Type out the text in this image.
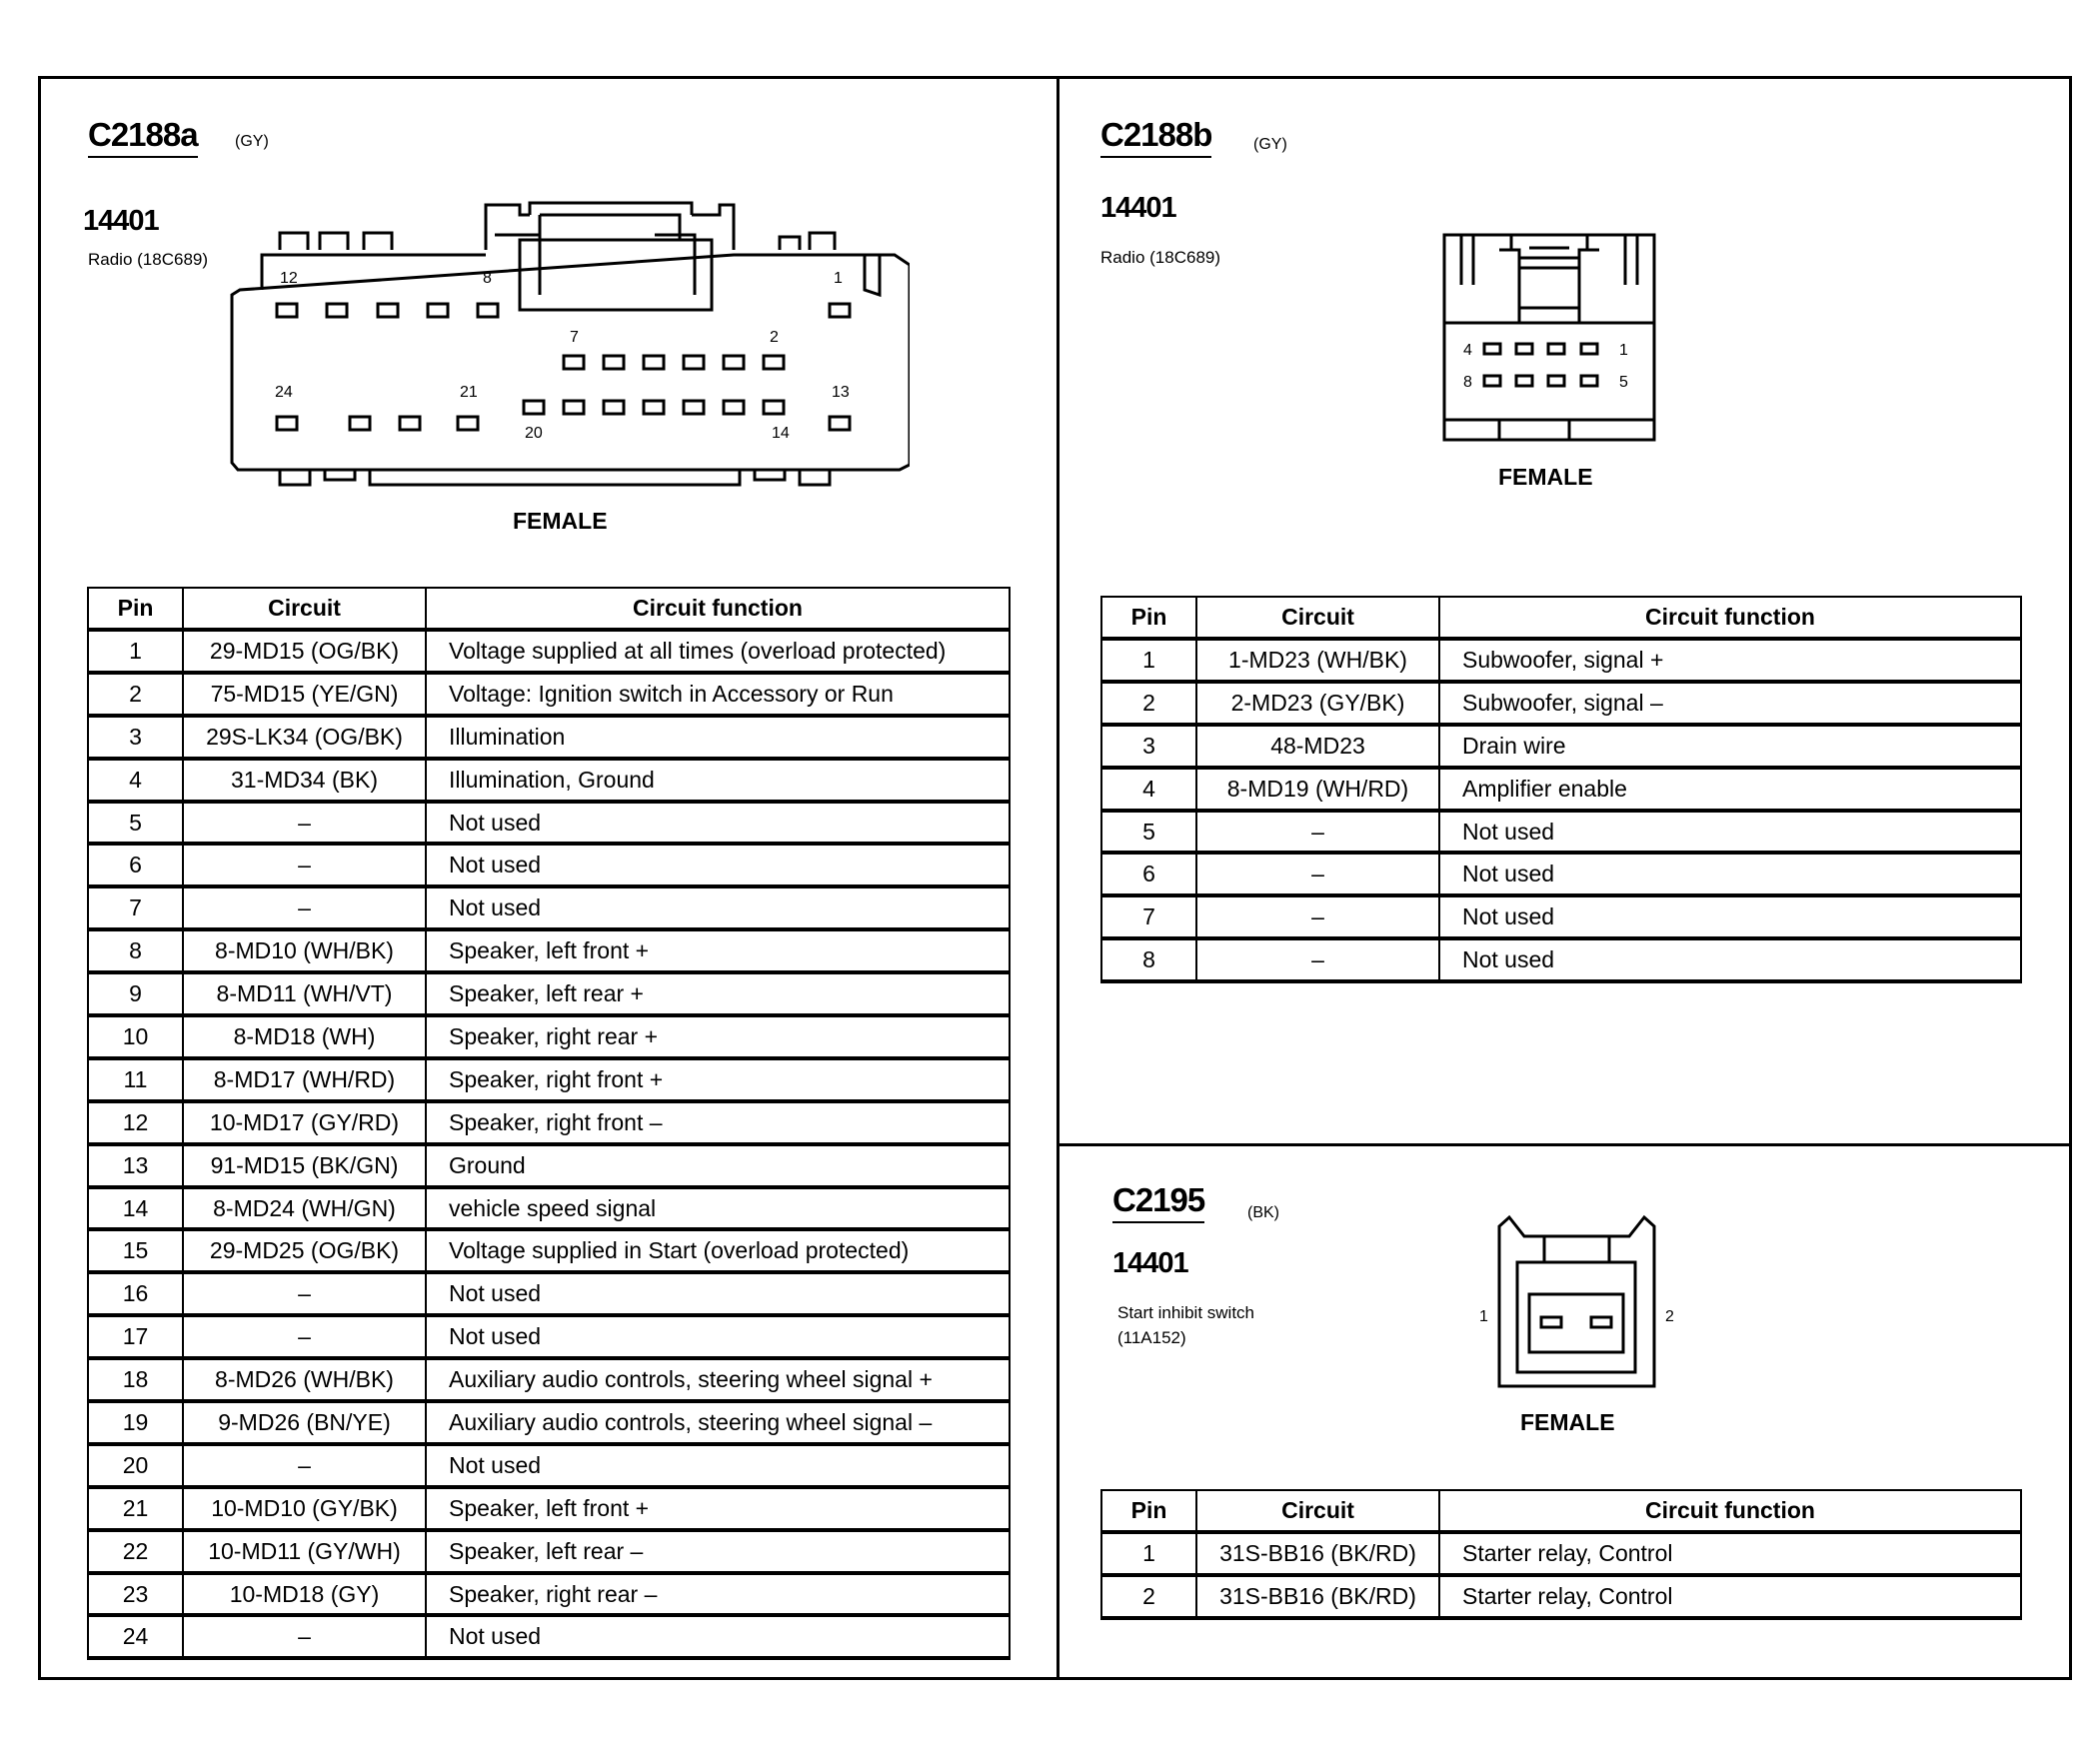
C2188a (GY)
14401
Radio (18C689)
12	8	1
7	2
24	21	13
20	14
FEMALE
Pin	Circuit	Circuit function
1	29-MD15 (OG/BK)	Voltage supplied at all times (overload protected)
2	75-MD15 (YE/GN)	Voltage: Ignition switch in Accessory or Run
3	29S-LK34 (OG/BK)	Illumination
4	31-MD34 (BK)	Illumination, Ground
5	–	Not used
6	–	Not used
7	–	Not used
8	8-MD10 (WH/BK)	Speaker, left front +
9	8-MD11 (WH/VT)	Speaker, left rear +
10	8-MD18 (WH)	Speaker, right rear +
11	8-MD17 (WH/RD)	Speaker, right front +
12	10-MD17 (GY/RD)	Speaker, right front –
13	91-MD15 (BK/GN)	Ground
14	8-MD24 (WH/GN)	vehicle speed signal
15	29-MD25 (OG/BK)	Voltage supplied in Start (overload protected)
16	–	Not used
17	–	Not used
18	8-MD26 (WH/BK)	Auxiliary audio controls, steering wheel signal +
19	9-MD26 (BN/YE)	Auxiliary audio controls, steering wheel signal –
20	–	Not used
21	10-MD10 (GY/BK)	Speaker, left front +
22	10-MD11 (GY/WH)	Speaker, left rear –
23	10-MD18 (GY)	Speaker, right rear –
24	–	Not used
C2188b	(GY)
14401
Radio (18C689)
4	1
8	5
FEMALE
Pin	Circuit	Circuit function
1	1-MD23 (WH/BK)	Subwoofer, signal +
2	2-MD23 (GY/BK)	Subwoofer, signal –
3	48-MD23	Drain wire
4	8-MD19 (WH/RD)	Amplifier enable
5	–	Not used
6	–	Not used
7	–	Not used
8	–	Not used
C2195	(BK)
14401
Start inhibit switch
(11A152)
1	2
FEMALE
Pin	Circuit	Circuit function
1	31S-BB16 (BK/RD)	Starter relay, Control
2	31S-BB16 (BK/RD)	Starter relay, Control
